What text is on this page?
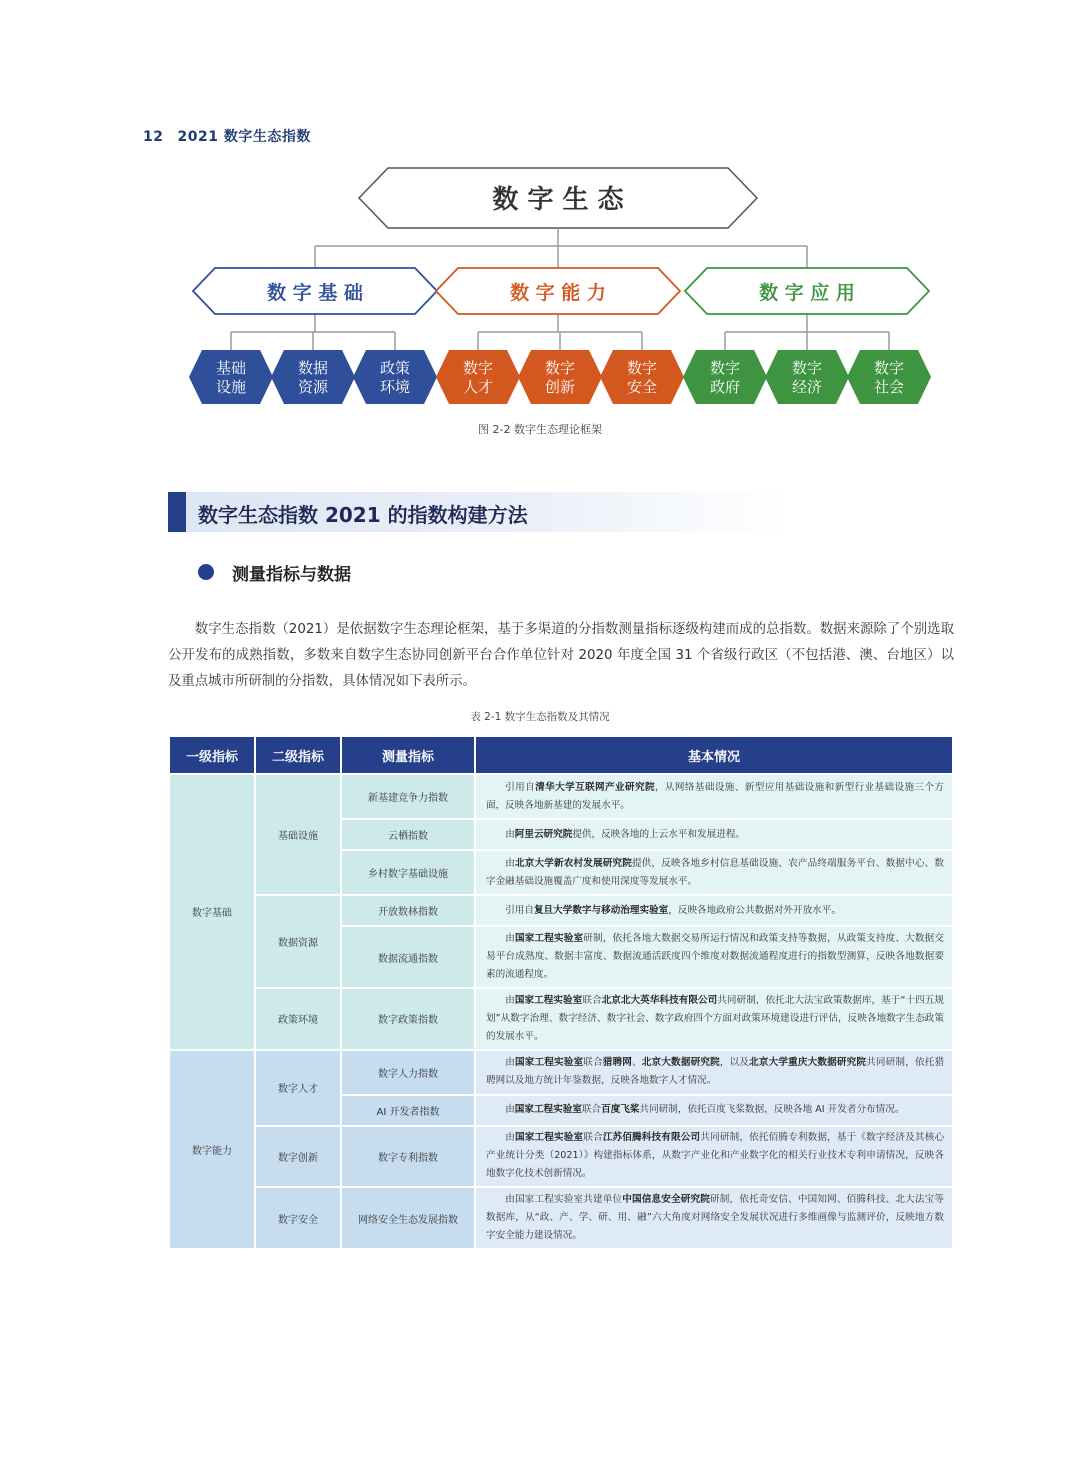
12 2021 数字生态指数
数 字 生 态
数 字 基 础	数 字 能 力	数 字 应 用
基础
设施
数据
资源
政策
环境
数字
人才
数字
创新
数字
安全
数字
政府
数字
经济
数字
社会
图 2-2 数字生态理论框架
数字生态指数 2021 的指数构建方法
测量指标与数据

数字生态指数（2021）是依据数字生态理论框架，基于多渠道的分指数测量指标逐级构建而成的总指数。数据来源除了个别选取公开发布的成熟指数，多数来自数字生态协同创新平台合作单位针对 2020 年度全国 31 个省级行政区（不包括港、澳、台地区）以及重点城市所研制的分指数，具体情况如下表所示。

表 2-1 数字生态指数及其情况
一级指标	二级指标	测量指标	基本情况
数字基础	基础设施	新基建竞争力指数	引用自清华大学互联网产业研究院，从网络基础设施、新型应用基础设施和新型行业基础设施三个方面，反映各地新基建的发展水平。
		云栖指数	由阿里云研究院提供，反映各地的上云水平和发展进程。
		乡村数字基础设施	由北京大学新农村发展研究院提供，反映各地乡村信息基础设施、农产品终端服务平台、数据中心、数字金融基础设施覆盖广度和使用深度等发展水平。
	数据资源	开放数林指数	引用自复旦大学数字与移动治理实验室，反映各地政府公共数据对外开放水平。
		数据流通指数	由国家工程实验室研制，依托各地大数据交易所运行情况和政策支持等数据，从政策支持度、大数据交易平台成熟度、数据丰富度、数据流通活跃度四个维度对数据流通程度进行的指数型测算，反映各地数据要素的流通程度。
	政策环境	数字政策指数	由国家工程实验室联合北京北大英华科技有限公司共同研制，依托北大法宝政策数据库，基于“十四五规划”从数字治理、数字经济、数字社会、数字政府四个方面对政策环境建设进行评估，反映各地数字生态政策的发展水平。
数字能力	数字人才	数字人力指数	由国家工程实验室联合猎聘网、北京大数据研究院，以及北京大学重庆大数据研究院共同研制，依托猎聘网以及地方统计年鉴数据，反映各地数字人才情况。
		AI 开发者指数	由国家工程实验室联合百度飞桨共同研制，依托百度飞桨数据，反映各地 AI 开发者分布情况。
	数字创新	数字专利指数	由国家工程实验室联合江苏佰腾科技有限公司共同研制，依托佰腾专利数据，基于《数字经济及其核心产业统计分类（2021）》构建指标体系，从数字产业化和产业数字化的相关行业技术专利申请情况，反映各地数字化技术创新情况。
	数字安全	网络安全生态发展指数	由国家工程实验室共建单位中国信息安全研究院研制，依托奇安信、中国知网、佰腾科技、北大法宝等数据库，从“政、产、学、研、用、融”六大角度对网络安全发展状况进行多维画像与监测评价，反映地方数字安全能力建设情况。
